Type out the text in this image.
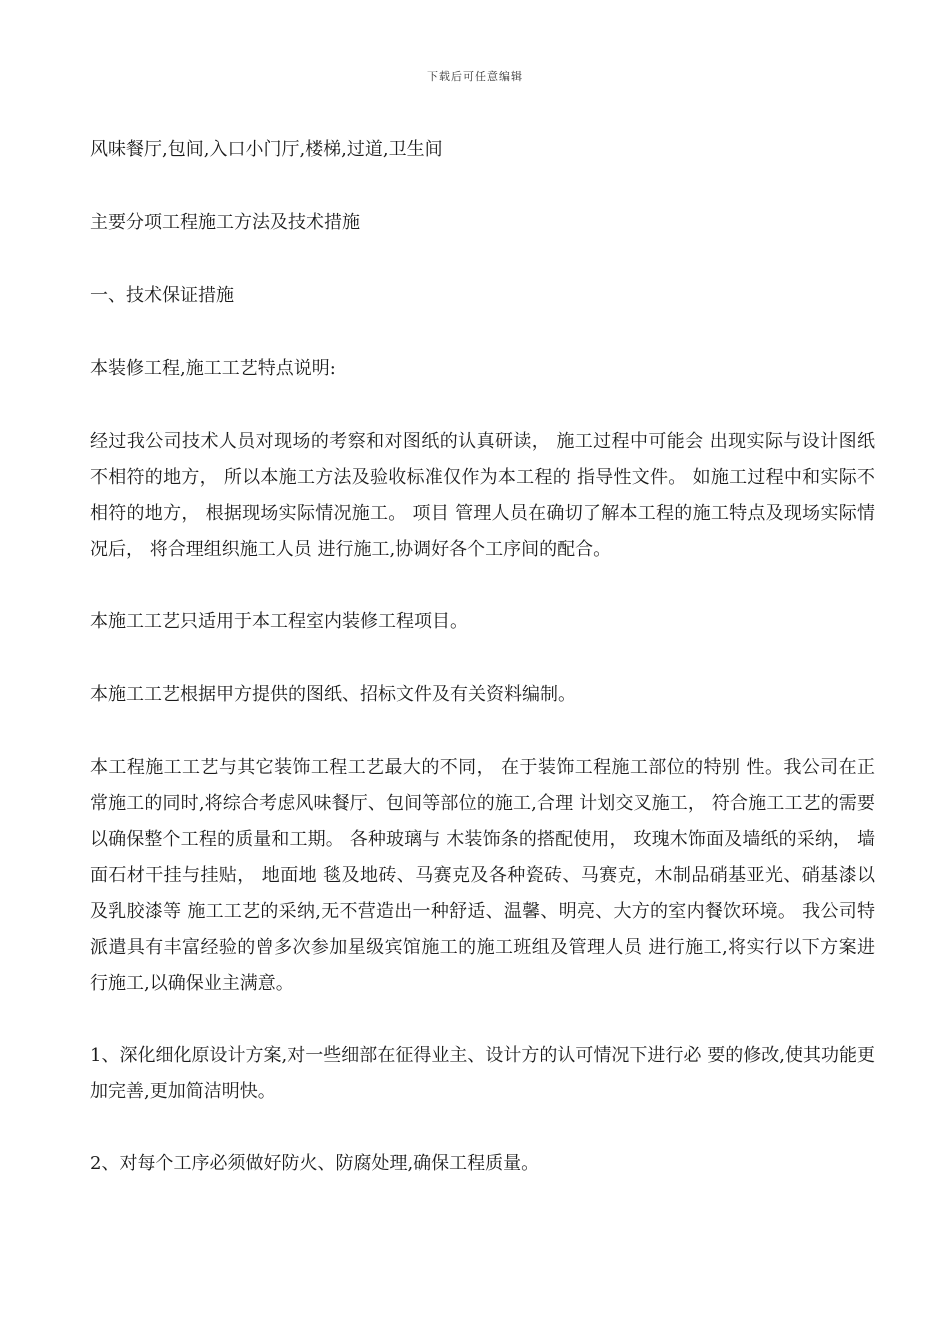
下载后可任意编辑

风味餐厅,包间,入口小门厅,楼梯,过道,卫生间

主要分项工程施工方法及技术措施

一、技术保证措施

本装修工程,施工工艺特点说明:

经过我公司技术人员对现场的考察和对图纸的认真研读， 施工过程中可能会 出现实际与设计图纸不相符的地方， 所以本施工方法及验收标准仅作为本工程的 指导性文件。 如施工过程中和实际不相符的地方， 根据现场实际情况施工。 项目 管理人员在确切了解本工程的施工特点及现场实际情况后， 将合理组织施工人员 进行施工,协调好各个工序间的配合。

本施工工艺只适用于本工程室内装修工程项目。

本施工工艺根据甲方提供的图纸、招标文件及有关资料编制。

本工程施工工艺与其它装饰工程工艺最大的不同， 在于装饰工程施工部位的特别 性。我公司在正常施工的同时,将综合考虑风味餐厅、包间等部位的施工,合理 计划交叉施工， 符合施工工艺的需要以确保整个工程的质量和工期。 各种玻璃与 木装饰条的搭配使用， 玫瑰木饰面及墙纸的采纳， 墙面石材干挂与挂贴， 地面地 毯及地砖、马赛克及各种瓷砖、马赛克，木制品硝基亚光、硝基漆以及乳胶漆等 施工工艺的采纳,无不营造出一种舒适、温馨、明亮、大方的室内餐饮环境。 我公司特派遣具有丰富经验的曾多次参加星级宾馆施工的施工班组及管理人员 进行施工,将实行以下方案进行施工,以确保业主满意。

1、深化细化原设计方案,对一些细部在征得业主、设计方的认可情况下进行必 要的修改,使其功能更加完善,更加简洁明快。

2、对每个工序必须做好防火、防腐处理,确保工程质量。
